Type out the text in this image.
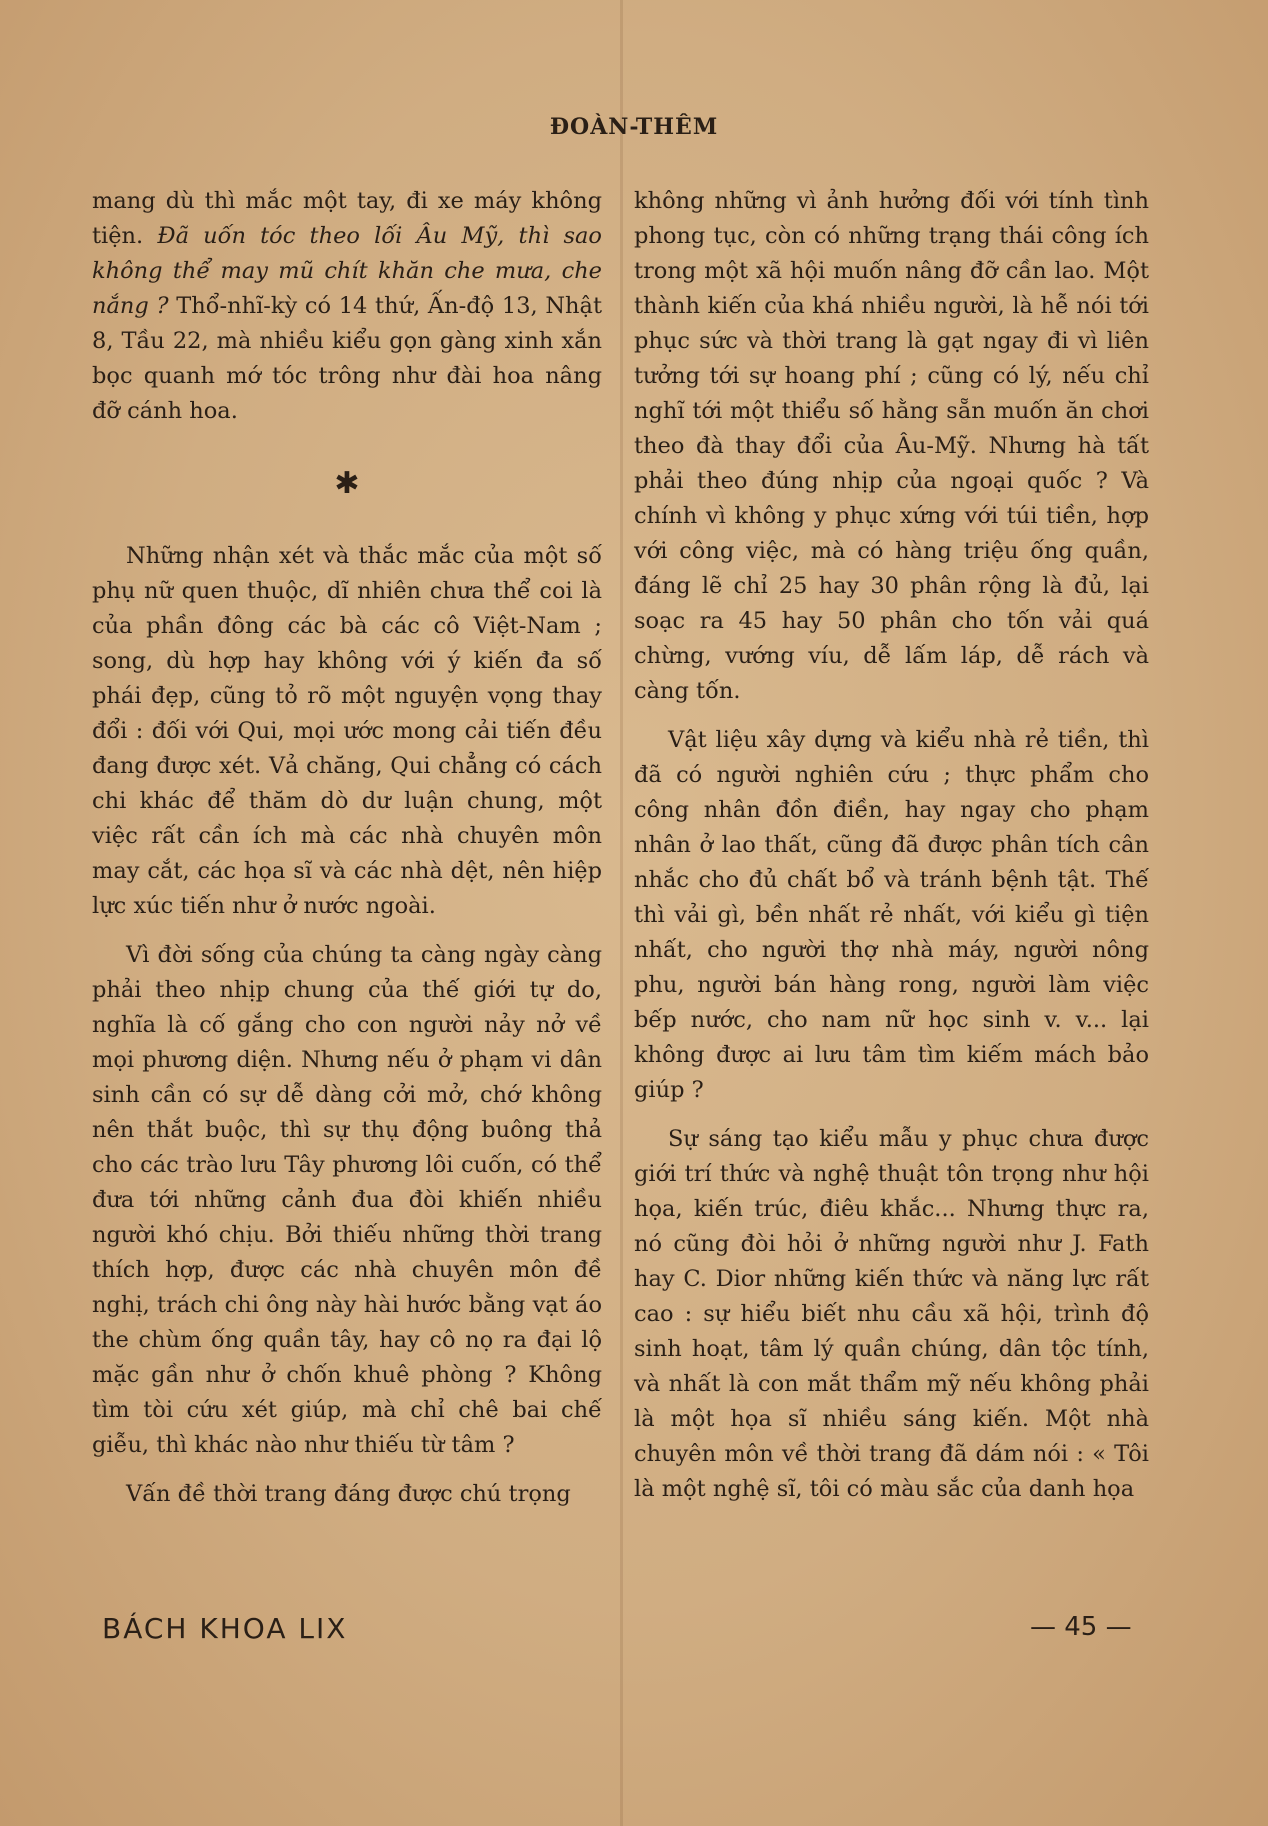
ĐOÀN-THÊM

mang dù thì mắc một tay, đi xe máy không tiện. Đã uốn tóc theo lối Âu Mỹ, thì sao không thể may mũ chít khăn che mưa, che nắng ? Thổ-nhĩ-kỳ có 14 thứ, Ấn-độ 13, Nhật 8, Tầu 22, mà nhiều kiểu gọn gàng xinh xắn bọc quanh mớ tóc trông như đài hoa nâng đỡ cánh hoa.

✱

Những nhận xét và thắc mắc của một số phụ nữ quen thuộc, dĩ nhiên chưa thể coi là của phần đông các bà các cô Việt-Nam ; song, dù hợp hay không với ý kiến đa số phái đẹp, cũng tỏ rõ một nguyện vọng thay đổi : đối với Qui, mọi ước mong cải tiến đều đang được xét. Vả chăng, Qui chẳng có cách chi khác để thăm dò dư luận chung, một việc rất cần ích mà các nhà chuyên môn may cắt, các họa sĩ và các nhà dệt, nên hiệp lực xúc tiến như ở nước ngoài.

Vì đời sống của chúng ta càng ngày càng phải theo nhịp chung của thế giới tự do, nghĩa là cố gắng cho con người nảy nở về mọi phương diện. Nhưng nếu ở phạm vi dân sinh cần có sự dễ dàng cởi mở, chớ không nên thắt buộc, thì sự thụ động buông thả cho các trào lưu Tây phương lôi cuốn, có thể đưa tới những cảnh đua đòi khiến nhiều người khó chịu. Bởi thiếu những thời trang thích hợp, được các nhà chuyên môn đề nghị, trách chi ông này hài hước bằng vạt áo the chùm ống quần tây, hay cô nọ ra đại lộ mặc gần như ở chốn khuê phòng ? Không tìm tòi cứu xét giúp, mà chỉ chê bai chế giễu, thì khác nào như thiếu từ tâm ?

Vấn đề thời trang đáng được chú trọng

không những vì ảnh hưởng đối với tính tình phong tục, còn có những trạng thái công ích trong một xã hội muốn nâng đỡ cần lao. Một thành kiến của khá nhiều người, là hễ nói tới phục sức và thời trang là gạt ngay đi vì liên tưởng tới sự hoang phí ; cũng có lý, nếu chỉ nghĩ tới một thiểu số hằng sẵn muốn ăn chơi theo đà thay đổi của Âu-Mỹ. Nhưng hà tất phải theo đúng nhịp của ngoại quốc ? Và chính vì không y phục xứng với túi tiền, hợp với công việc, mà có hàng triệu ống quần, đáng lẽ chỉ 25 hay 30 phân rộng là đủ, lại soạc ra 45 hay 50 phân cho tốn vải quá chừng, vướng víu, dễ lấm láp, dễ rách và càng tốn.

Vật liệu xây dựng và kiểu nhà rẻ tiền, thì đã có người nghiên cứu ; thực phẩm cho công nhân đồn điền, hay ngay cho phạm nhân ở lao thất, cũng đã được phân tích cân nhắc cho đủ chất bổ và tránh bệnh tật. Thế thì vải gì, bền nhất rẻ nhất, với kiểu gì tiện nhất, cho người thợ nhà máy, người nông phu, người bán hàng rong, người làm việc bếp nước, cho nam nữ học sinh v. v... lại không được ai lưu tâm tìm kiếm mách bảo giúp ?

Sự sáng tạo kiểu mẫu y phục chưa được giới trí thức và nghệ thuật tôn trọng như hội họa, kiến trúc, điêu khắc... Nhưng thực ra, nó cũng đòi hỏi ở những người như J. Fath hay C. Dior những kiến thức và năng lực rất cao : sự hiểu biết nhu cầu xã hội, trình độ sinh hoạt, tâm lý quần chúng, dân tộc tính, và nhất là con mắt thẩm mỹ nếu không phải là một họa sĩ nhiều sáng kiến. Một nhà chuyên môn về thời trang đã dám nói : « Tôi là một nghệ sĩ, tôi có màu sắc của danh họa

BÁCH KHOA LIX	— 45 —
